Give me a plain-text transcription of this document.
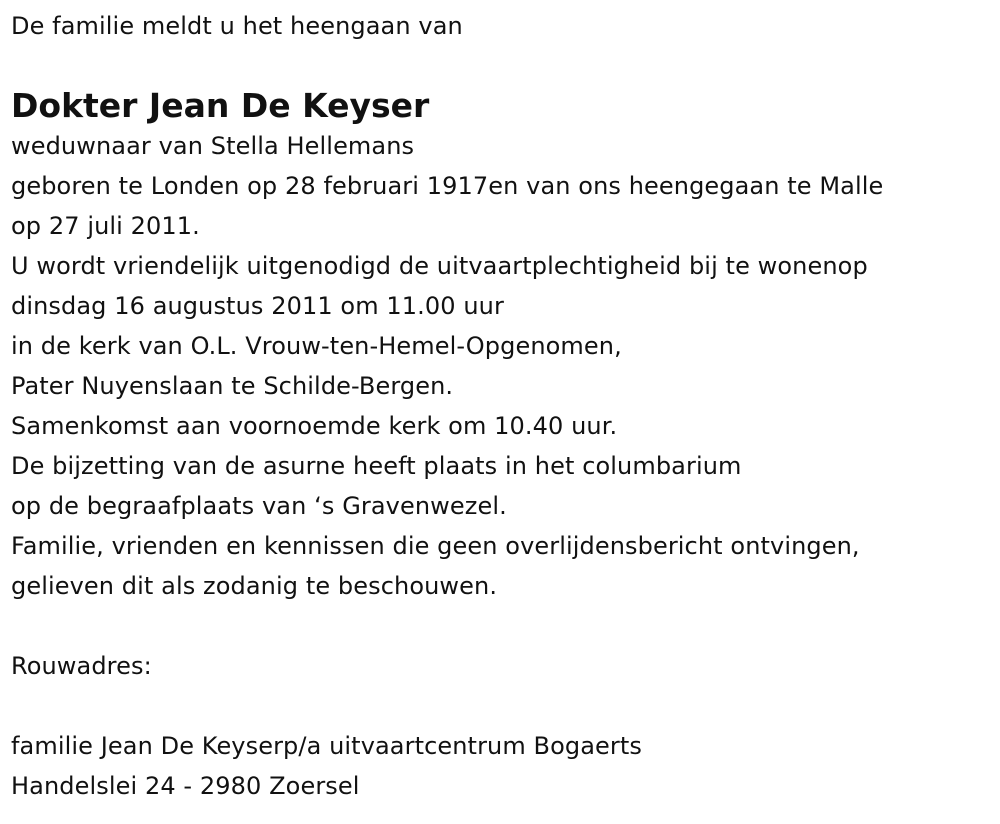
De familie meldt u het heengaan van
Dokter Jean De Keyser
weduwnaar van Stella Hellemans
geboren te Londen op 28 februari 1917en van ons heengegaan te Malle
op 27 juli 2011.
U wordt vriendelijk uitgenodigd de uitvaartplechtigheid bij te wonenop
dinsdag 16 augustus 2011 om 11.00 uur
in de kerk van O.L. Vrouw-ten-Hemel-Opgenomen,
Pater Nuyenslaan te Schilde-Bergen.
Samenkomst aan voornoemde kerk om 10.40 uur.
De bijzetting van de asurne heeft plaats in het columbarium
op de begraafplaats van ‘s Gravenwezel.
Familie, vrienden en kennissen die geen overlijdensbericht ontvingen,
gelieven dit als zodanig te beschouwen.
Rouwadres:
familie Jean De Keyserp/a uitvaartcentrum Bogaerts
Handelslei 24 - 2980 Zoersel
